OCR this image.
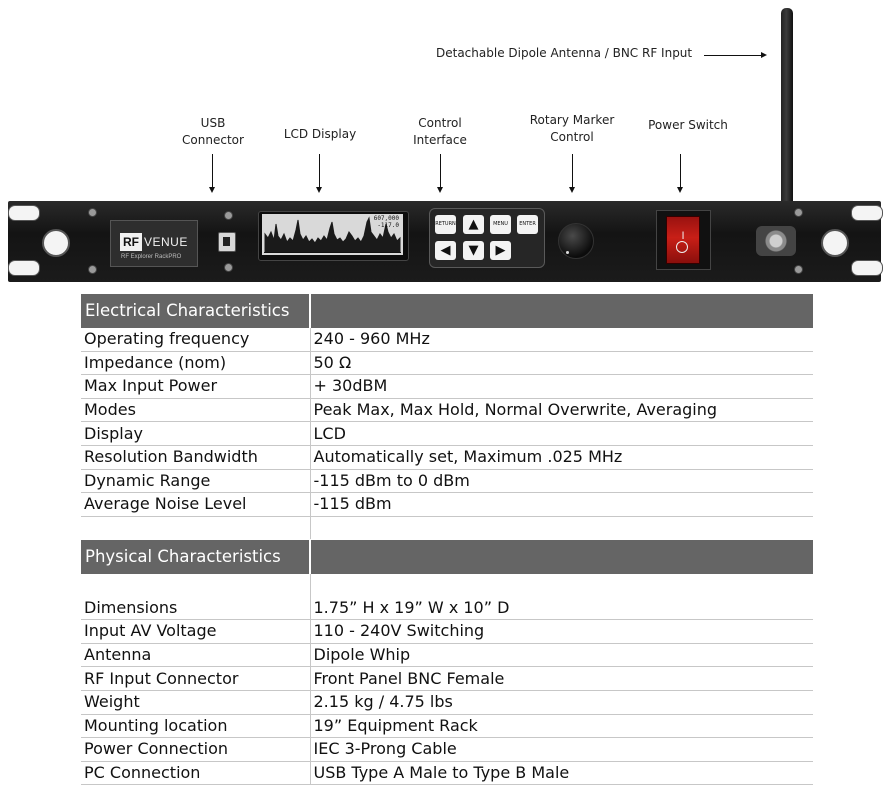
Detachable Dipole Antenna / BNC RF Input
USB
Connector	LCD Display
Control
Interface
Rotary Marker
Control
Power Switch
RF VENUE
RF Explorer RackPRO
607,000
-117.0	RETURN ▲	MENU	ENTER
◀	▼	▶
I
Electrical Characteristics	
Operating frequency	240 - 960 MHz
Impedance (nom)	50 Ω
Max Input Power	+ 30dBM
Modes	Peak Max, Max Hold, Normal Overwrite, Averaging
Display	LCD
Resolution Bandwidth	Automatically set, Maximum .025 MHz
Dynamic Range	-115 dBm to 0 dBm
Average Noise Level	-115 dBm

Physical Characteristics	

Dimensions	1.75” H x 19” W x 10” D
Input AV Voltage	110 - 240V Switching
Antenna	Dipole Whip
RF Input Connector	Front Panel BNC Female
Weight	2.15 kg / 4.75 lbs
Mounting location	19” Equipment Rack
Power Connection	IEC 3-Prong Cable
PC Connection	USB Type A Male to Type B Male
